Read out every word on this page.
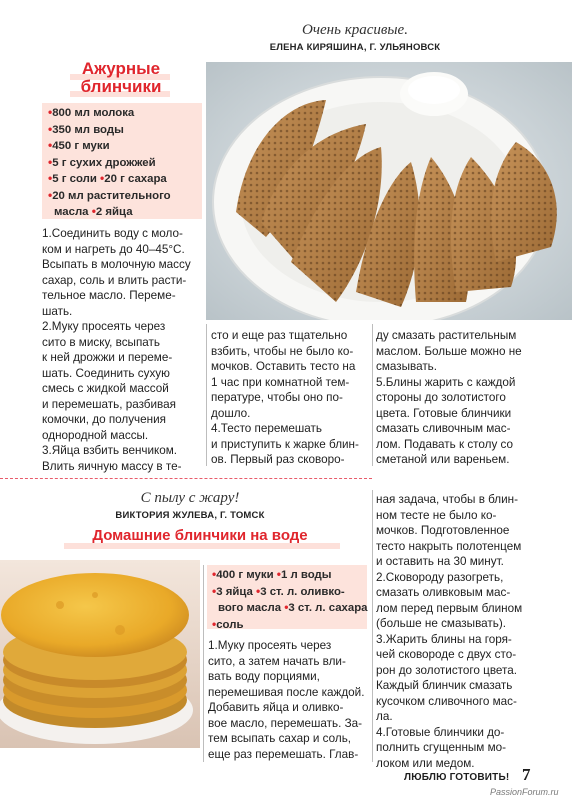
Очень красивые.
ЕЛЕНА КИРЯШИНА, Г. УЛЬЯНОВСК
Ажурные
блинчики
•800 мл молока
•350 мл воды
•450 г муки
•5 г сухих дрожжей
•5 г соли •20 г сахара
•20 мл растительного
масла •2 яйца

1.Соединить воду с моло-

ком и нагреть до 40–45°С.

Всыпать в молочную массу

сахар, соль и влить расти-

тельное масло. Переме-

шать.

2.Муку просеять через

сито в миску, всыпать

к ней дрожжи и переме-

шать. Соединить сухую

смесь с жидкой массой

и перемешать, разбивая

комочки, до получения

однородной массы.

3.Яйца взбить венчиком.

Влить яичную массу в те-

сто и еще раз тщательно

взбить, чтобы не было ко-

мочков. Оставить тесто на

1 час при комнатной тем-

пературе, чтобы оно по-

дошло.

4.Тесто перемешать

и приступить к жарке блин-

ов. Первый раз сковоро-

ду смазать растительным

маслом. Больше можно не

смазывать.

5.Блины жарить с каждой

стороны до золотистого

цвета. Готовые блинчики

смазать сливочным мас-

лом. Подавать к столу со

сметаной или вареньем.

С пылу с жару!
ВИКТОРИЯ ЖУЛЕВА, Г. ТОМСК
Домашние блинчики на воде
•400 г муки •1 л воды
•3 яйца •3 ст. л. оливко-
вого масла •3 ст. л. сахара
•соль

1.Муку просеять через

сито, а затем начать вли-

вать воду порциями,

перемешивая после каждой.

Добавить яйца и оливко-

вое масло, перемешать. За-

тем всыпать сахар и соль,

еще раз перемешать. Глав-

ная задача, чтобы в блин-

ном тесте не было ко-

мочков. Подготовленное

тесто накрыть полотенцем

и оставить на 30 минут.

2.Сковороду разогреть,

смазать оливковым мас-

лом перед первым блином

(больше не смазывать).

3.Жарить блины на горя-

чей сковороде с двух сто-

рон до золотистого цвета.

Каждый блинчик смазать

кусочком сливочного мас-

ла.

4.Готовые блинчики до-

полнить сгущенным мо-

локом или медом.

ЛЮБЛЮ ГОТОВИТЬ! 7
PassionForum.ru
